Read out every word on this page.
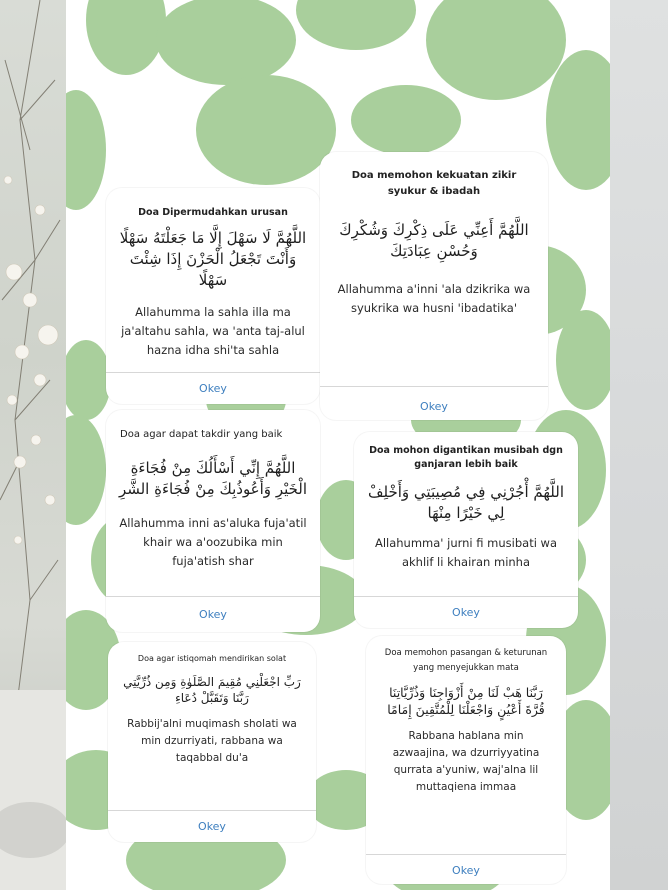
Doa Dipermudahkan urusan
اللَّهُمَّ لَا سَهْلَ إِلَّا مَا جَعَلْتَهُ سَهْلًا وَأَنْتَ تَجْعَلُ الْحَزْنَ إِذَا شِئْتَ سَهْلًا
Allahumma la sahla illa ma ja'altahu sahla, wa 'anta taj-alul hazna idha shi'ta sahla
Okey
Doa memohon kekuatan zikir syukur & ibadah
اللَّهُمَّ أَعِنِّي عَلَى ذِكْرِكَ وَشُكْرِكَ وَحُسْنِ عِبَادَتِكَ
Allahumma a'inni 'ala dzikrika wa syukrika wa husni 'ibadatika'
Okey
Doa agar dapat takdir yang baik
اللَّهُمَّ إِنِّي أَسْأَلُكَ مِنْ فُجَاءَةِ الْخَيْرِ وَأَعُوذُبِكَ مِنْ فُجَاءَةِ الشَّرِ
Allahumma inni as'aluka fuja'atil khair wa a'oozubika min fuja'atish shar
Okey
Doa mohon digantikan musibah dgn ganjaran lebih baik
اللَّهُمَّ أْجُرْنِي فِي مُصِيبَتِي وَأَخْلِفْ لِي خَيْرًا مِنْهَا
Allahumma' jurni fi musibati wa akhlif li khairan minha
Okey
Doa agar istiqomah mendirikan solat
رَبِّ اجْعَلْنِي مُقِيمَ الصَّلَوٰةِ وَمِن ذُرِّيَّتِي رَبَّنَا وَتَقَبَّلْ دُعَاءِ
Rabbij'alni muqimash sholati wa min dzurriyati, rabbana wa taqabbal du'a
Okey
Doa memohon pasangan & keturunan yang menyejukkan mata
رَبَّنَا هَبْ لَنَا مِنْ أَزْوَاجِنَا وَذُرِّيَّاتِنَا قُرَّةَ أَعْيُنٍ وَاجْعَلْنَا لِلْمُتَّقِينَ إِمَامًا
Rabbana hablana min azwaajina, wa dzurriyyatina qurrata a'yuniw, waj'alna lil muttaqiena immaa
Okey
